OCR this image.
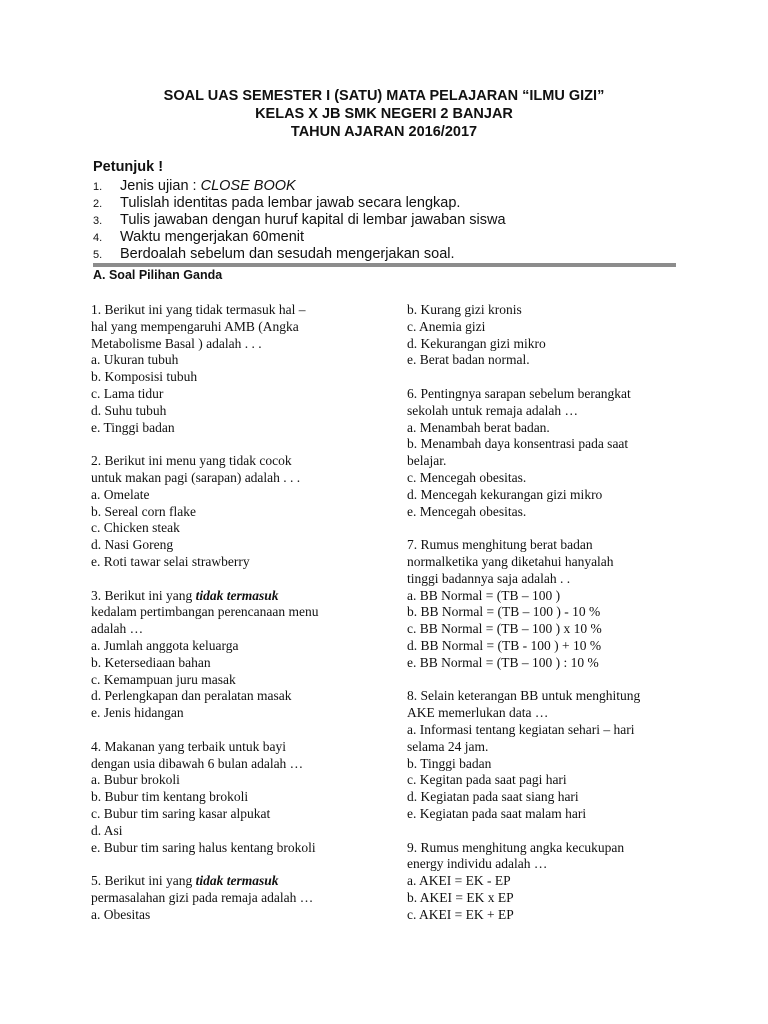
SOAL UAS SEMESTER I (SATU) MATA PELAJARAN “ILMU GIZI”
KELAS X JB SMK NEGERI 2 BANJAR
TAHUN AJARAN 2016/2017
Petunjuk !
1. Jenis ujian : CLOSE BOOK
2. Tulislah identitas pada lembar jawab secara lengkap.
3. Tulis jawaban dengan huruf kapital di lembar jawaban siswa
4. Waktu mengerjakan 60menit
5. Berdoalah sebelum dan sesudah mengerjakan soal.
A. Soal Pilihan Ganda
1. Berikut ini yang tidak termasuk hal –
hal yang mempengaruhi AMB (Angka
Metabolisme Basal ) adalah . . .
a. Ukuran tubuh
b. Komposisi tubuh
c. Lama tidur
d. Suhu tubuh
e. Tinggi badan
2. Berikut ini menu yang tidak cocok
untuk makan pagi (sarapan) adalah . . .
a. Omelate
b. Sereal corn flake
c. Chicken steak
d. Nasi Goreng
e. Roti tawar selai strawberry
3. Berikut ini yang tidak termasuk
kedalam pertimbangan perencanaan menu
adalah …
a. Jumlah anggota keluarga
b. Ketersediaan bahan
c. Kemampuan juru masak
d. Perlengkapan dan peralatan masak
e. Jenis hidangan
4. Makanan yang terbaik untuk bayi
dengan usia dibawah 6 bulan adalah …
a. Bubur brokoli
b. Bubur tim kentang brokoli
c. Bubur tim saring kasar alpukat
d. Asi
e. Bubur tim saring halus kentang brokoli
5. Berikut ini yang tidak termasuk
permasalahan gizi pada remaja adalah …
a. Obesitas
b. Kurang gizi kronis
c. Anemia gizi
d. Kekurangan gizi mikro
e. Berat badan normal.
6. Pentingnya sarapan sebelum berangkat
sekolah untuk remaja adalah …
a. Menambah berat badan.
b. Menambah daya konsentrasi pada saat
belajar.
c. Mencegah obesitas.
d. Mencegah kekurangan gizi mikro
e. Mencegah obesitas.
7. Rumus menghitung berat badan
normalketika yang diketahui hanyalah
tinggi badannya saja adalah . .
a. BB Normal = (TB – 100 )
b. BB Normal = (TB – 100 ) - 10 %
c. BB Normal = (TB – 100 ) x 10 %
d. BB Normal = (TB - 100 ) + 10 %
e. BB Normal = (TB – 100 ) : 10 %
8. Selain keterangan BB untuk menghitung
AKE memerlukan data …
a. Informasi tentang kegiatan sehari – hari
selama 24 jam.
b. Tinggi badan
c. Kegitan pada saat pagi hari
d. Kegiatan pada saat siang hari
e. Kegiatan pada saat malam hari
9. Rumus menghitung angka kecukupan
energy individu adalah …
a. AKEI = EK - EP
b. AKEI = EK x EP
c. AKEI = EK + EP
